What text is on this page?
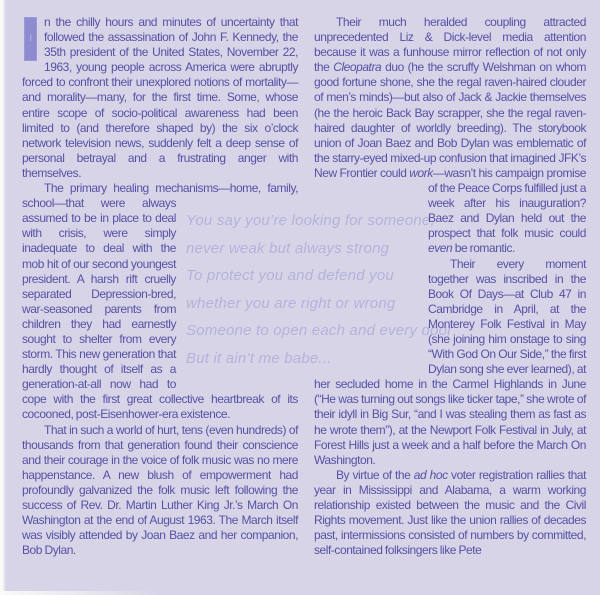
You say you’re looking for someone,
never weak but always strong
To protect you and defend you
whether you are right or wrong
Someone to open each and every door
But it ain’t me babe...

I
n the chilly hours and minutes of uncertainty that followed the assassination of John F. Kennedy, the 35th president of the United States, November 22, 1963, young people across America were abruptly forced to confront their unexplored notions of mortality—and morality—many, for the first time. Some, whose entire scope of socio-political awareness had been limited to (and therefore shaped by) the six o’clock network television news, suddenly felt a deep sense of personal betrayal and a frustrating anger with themselves.

The primary healing mechanisms—home,
family, school—that were always assumed to be in place to deal with crisis, were simply inadequate to deal with the mob hit of our second youngest president. A harsh rift cruelly separated Depression-bred, war-seasoned parents from children they had earnestly sought to shelter from every storm. This new generation that hardly thought of itself as a generation-at-all now had to cope with the first great collective heartbreak of its cocooned, post-Eisenhower-era existence.

That in such a world of hurt, tens (even hundreds) of thousands from that generation found their conscience and their courage in the voice of folk music was no mere happenstance. A new blush of empowerment had profoundly galvanized the folk music left following the success of Rev. Dr. Martin Luther King Jr.’s March On Washington at the end of August 1963. The March itself was visibly attended by Joan Baez and her companion, Bob Dylan.

Their much heralded coupling attracted unprecedented Liz & Dick-level media attention because it was a funhouse mirror reflection of not only the Cleopatra duo (he the scruffy Welshman on whom good fortune shone, she the regal raven-haired clouder of men’s minds)—but also of Jack & Jackie themselves (he the heroic Back Bay scrapper, she the regal raven-haired daughter of worldly breeding). The storybook union of Joan Baez and Bob Dylan was emblematic of the starry-eyed mixed-up confusion that imagined JFK’s New Frontier could work—wasn’t his campaign promise of the Peace
Corps fulfilled just a week after his inauguration? Baez and Dylan held out the prospect that folk music could even be romantic.

Their every moment together was inscribed in the Book Of Days—at Club 47 in Cambridge in April, at the Monterey Folk Festival in May (she joining him onstage to sing “With God On Our Side,” the first Dylan song she ever learned), at her secluded home in the Carmel Highlands in June (“He was turning out songs like ticker tape,” she wrote of their idyll in Big Sur, “and I was stealing them as fast as he wrote them”), at the Newport Folk Festival in July, at Forest Hills just a week and a half before the March On Washington.

By virtue of the ad hoc voter registration rallies that year in Mississippi and Alabama, a warm working relationship existed between the music and the Civil Rights movement. Just like the union rallies of decades past, intermissions consisted of numbers by committed, self-contained folksingers like Pete
